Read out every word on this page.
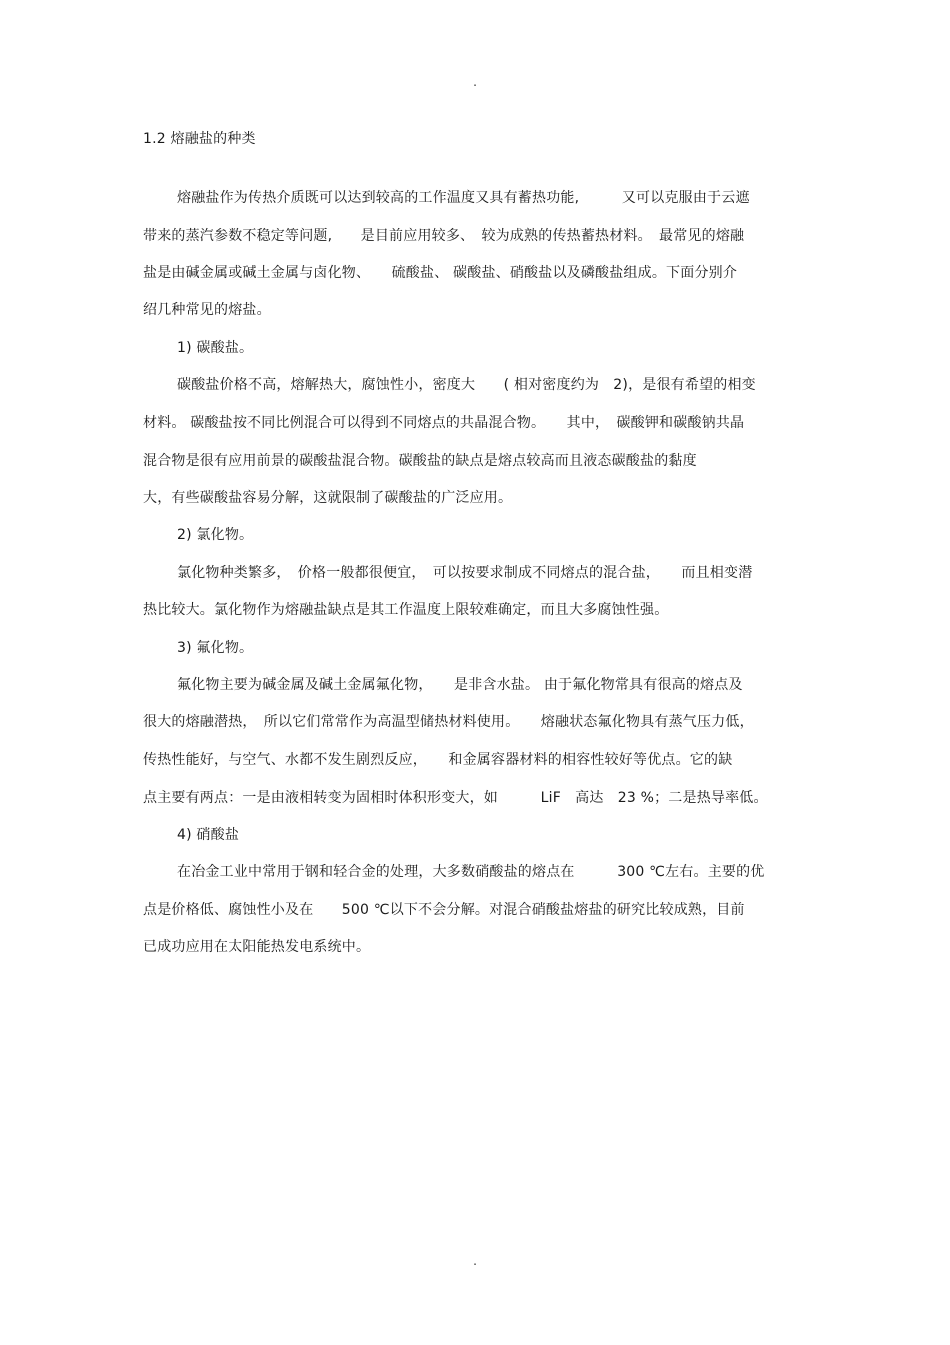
.
1.2 熔融盐的种类
熔融盐作为传热介质既可以达到较高的工作温度又具有蓄热功能,　　　又可以克服由于云遮
带来的蒸汽参数不稳定等问题,　　是目前应用较多、　较为成熟的传热蓄热材料。　最常见的熔融
盐是由碱金属或碱土金属与卤化物、　　硫酸盐、 碳酸盐、硝酸盐以及磷酸盐组成。下面分别介
绍几种常见的熔盐。
1) 碳酸盐。
碳酸盐价格不高，熔解热大，腐蚀性小，密度大　　( 相对密度约为　2)，是很有希望的相变
材料。 碳酸盐按不同比例混合可以得到不同熔点的共晶混合物。　　其中，　碳酸钾和碳酸钠共晶
混合物是很有应用前景的碳酸盐混合物。碳酸盐的缺点是熔点较高而且液态碳酸盐的黏度
大，有些碳酸盐容易分解，这就限制了碳酸盐的广泛应用。
2) 氯化物。
氯化物种类繁多，　价格一般都很便宜，　可以按要求制成不同熔点的混合盐，　　而且相变潜
热比较大。氯化物作为熔融盐缺点是其工作温度上限较难确定，而且大多腐蚀性强。
3) 氟化物。
氟化物主要为碱金属及碱土金属氟化物，　　是非含水盐。 由于氟化物常具有很高的熔点及
很大的熔融潜热，　所以它们常常作为高温型储热材料使用。　　熔融状态氟化物具有蒸气压力低，
传热性能好，与空气、水都不发生剧烈反应，　　和金属容器材料的相容性较好等优点。它的缺
点主要有两点：一是由液相转变为固相时体积形变大，如　　　LiF　高达　23 %；二是热导率低。
4) 硝酸盐
在冶金工业中常用于钢和轻合金的处理，大多数硝酸盐的熔点在　　　300 ℃左右。主要的优
点是价格低、腐蚀性小及在　　500 ℃以下不会分解。对混合硝酸盐熔盐的研究比较成熟，目前
已成功应用在太阳能热发电系统中。
.
